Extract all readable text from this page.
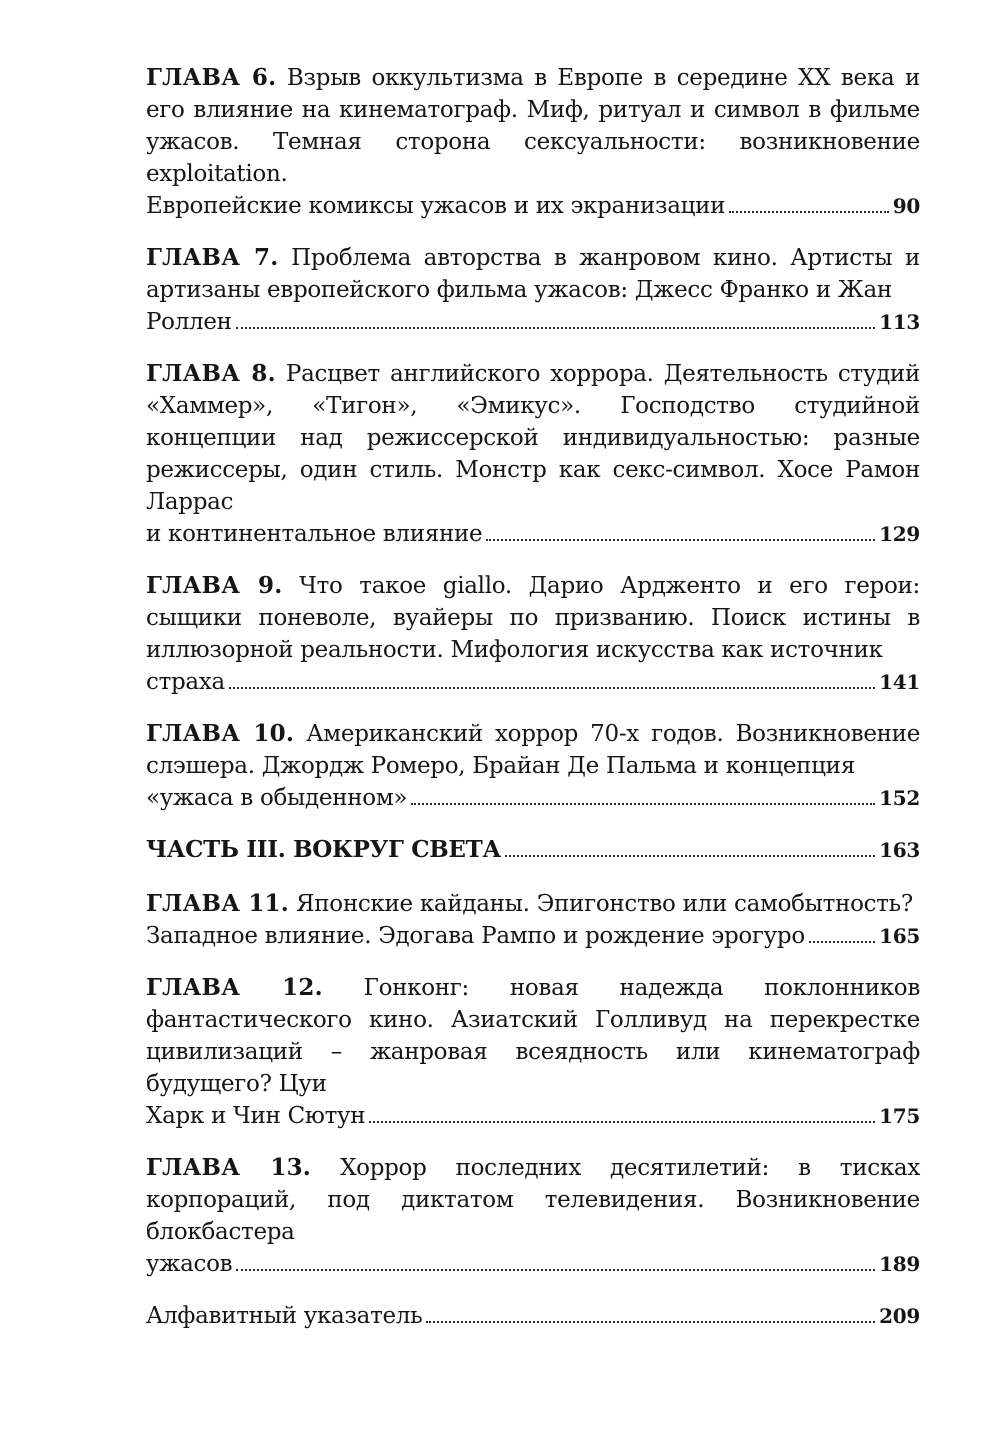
ГЛАВА 6. Взрыв оккультизма в Европе в середине XX века и его влияние на кинематограф. Миф, ритуал и символ в фильме ужасов. Темная сторона сексуальности: возникновение exploitation.
Европейские комиксы ужасов и их экранизации	90
ГЛАВА 7. Проблема авторства в жанровом кино. Артисты и артизаны европейского фильма ужасов: Джесс Франко и Жан
Роллен	113
ГЛАВА 8. Расцвет английского хоррора. Деятельность студий «Хаммер», «Тигон», «Эмикус». Господство студийной концепции над режиссерской индивидуальностью: разные режиссеры, один стиль. Монстр как секс-символ. Хосе Рамон Ларрас
и континентальное влияние	129
ГЛАВА 9. Что такое giallo. Дарио Ардженто и его герои: сыщики поневоле, вуайеры по призванию. Поиск истины в иллюзорной реальности. Мифология искусства как источник
страха	141
ГЛАВА 10. Американский хоррор 70-х годов. Возникновение слэшера. Джордж Ромеро, Брайан Де Пальма и концепция
«ужаса в обыденном»	152
ЧАСТЬ III. ВОКРУГ СВЕТА	163
ГЛАВА 11. Японские кайданы. Эпигонство или самобытность?
Западное влияние. Эдогава Рампо и рождение эрогуро	165
ГЛАВА 12. Гонконг: новая надежда поклонников фантастического кино. Азиатский Голливуд на перекрестке цивилизаций – жанровая всеядность или кинематограф будущего? Цуи
Харк и Чин Сютун	175
ГЛАВА 13. Хоррор последних десятилетий: в тисках корпораций, под диктатом телевидения. Возникновение блокбастера
ужасов	189
Алфавитный указатель	209
